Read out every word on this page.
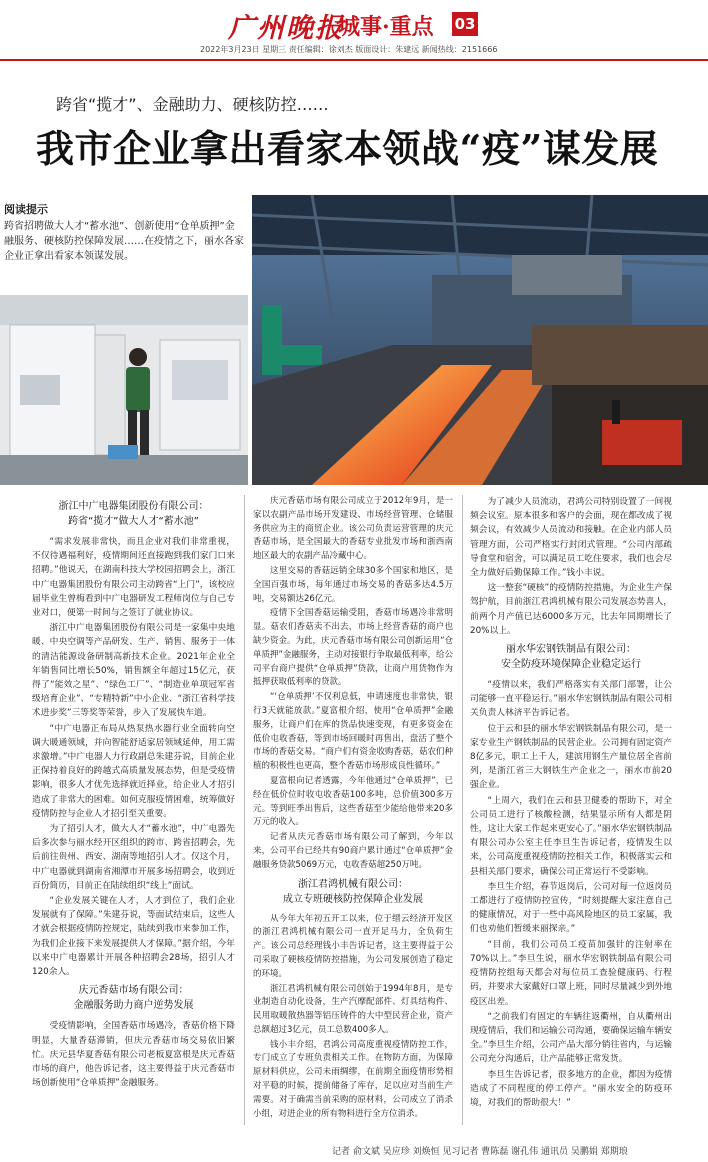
广州晚报
城事·重点 03
2022年3月23日 星期三 责任编辑：徐刘杰 版面设计：朱建远 新闻热线：2151666
跨省“揽才”、金融助力、硬核防控……
我市企业拿出看家本领战“疫”谋发展
阅读提示
跨省招聘做大人才“蓄水池”、创新使用“仓单质押”金融服务、硬核防控保障发展……在疫情之下，丽水各家企业正拿出看家本领谋发展。
浙江中广电器集团股份有限公司：
跨省“揽才”做大人才“蓄水池”

“需求发展非常快，而且企业对我们非常重视，不仅待遇福利好，疫情期间还直接跑到我们家门口来招聘。”他说天，在湖南科技大学校园招聘会上，浙江中广电器集团股份有限公司主动跨省“上门”，该校应届毕业生曾梅看到中广电器研发工程师岗位与自己专业对口，便第一时间与之签订了就业协议。

浙江中广电器集团股份有限公司是一家集中央地暖、中央空调等产品研发、生产、销售、服务于一体的清洁能源设备研制高新技术企业。2021年企业全年销售同比增长50%，销售额全年超过15亿元，获得了“能效之星”、“绿色工厂”、“制造业单项冠军省级培育企业”、“专精特新”中小企业、“浙江省科学技术进步奖”三等奖等荣誉，步入了发展快车道。

“中广电器正布局从热泵热水器行业全面转向空调大暖通领域，并向智能舒适家居领域延伸，用工需求激增。”中广电器人力行政副总朱建芬说，目前企业正保持着良好的跨越式高质量发展态势，但是受疫情影响，很多人才优先选择就近择业，给企业人才招引造成了非常大的困难。如何克服疫情困难，统筹做好疫情防控与企业人才招引至关重要。

为了招引人才，做大人才“蓄水池”，中广电器先后多次参与丽水经开区组织的跨市、跨省招聘会，先后前往贵州、西安、湖南等地招引人才。仅这个月，中广电器就到湖南省湘潭市开展多场招聘会，收到近百份简历，目前正在陆续组织“线上”面试。

“企业发展关键在人才，人才到位了，我们企业发展就有了保障。”朱建芬说，等面试结束后，这些人才就会根据疫情防控规定，陆续到我市来参加工作，为我们企业接下来发展提供人才保障。”据介绍，今年以来中广电器累计开展各种招聘会28场，招引人才120余人。

庆元香菇市场有限公司：
金融服务助力商户逆势发展

受疫情影响，全国香菇市场遇冷，香菇价格下降明显，大量香菇滞销，但庆元香菇市场交易依旧繁忙。庆元县华夏香菇有限公司老板夏富根是庆元香菇市场的商户，他告诉记者，这主要得益于庆元香菇市场创新使用“仓单质押”金融服务。

庆元香菇市场有限公司成立于2012年9月，是一家以农副产品市场开发建设、市场经营管理、仓储服务供应为主的商贸企业。该公司负责运营管理的庆元香菇市场，是全国最大的香菇专业批发市场和浙西南地区最大的农副产品冷藏中心。

这里交易的香菇远销全球30多个国家和地区，是全国百强市场，每年通过市场交易的香菇多达4.5万吨，交易额达26亿元。

疫情下全国香菇运输受阻，香菇市场遇冷非常明显。菇农们香菇卖不出去，市场上经营香菇的商户也缺少资金。为此，庆元香菇市场有限公司创新运用“仓单质押”金融服务，主动对接银行争取最低利率，给公司平台商户提供“仓单质押”贷款，让商户用货物作为抵押获取低利率的贷款。

“‘仓单质押’不仅利息低，申请速度也非常快，银行3天就能放款。”夏富根介绍，使用“仓单质押”金融服务，让商户们在库的货品快速变现，有更多资金在低价屯收香菇，等到市场回暖时再售出，盘活了整个市场的香菇交易。“商户们有资金收购香菇，菇农们种植的积极性也更高，整个香菇市场形成良性循环。”

夏富根向记者透露，今年他通过“仓单质押”，已经在低价位时收屯收香菇100多吨，总价值300多万元。等到旺季出售后，这些香菇至少能给他带来20多万元的收入。

记者从庆元香菇市场有限公司了解到，今年以来，公司平台已经共有90商户累计通过“仓单质押”金融服务贷款5069万元，屯收香菇超250万吨。

浙江君鸿机械有限公司：
成立专班硬核防控保障企业发展

从今年大年初五开工以来，位于缙云经济开发区的浙江君鸿机械有限公司一直开足马力，全负荷生产。该公司总经理钱小丰告诉记者，这主要得益于公司采取了硬核疫情防控措施，为公司发展创造了稳定的环境。

浙江君鸿机械有限公司创始于1994年8月，是专业制造自动化设备，生产汽摩配部件、灯具结构件、民用取暖散热器等铝压铸件的大中型民营企业，资产总额超过3亿元，员工总数400多人。

钱小丰介绍，君鸿公司高度重视疫情防控工作，专门成立了专班负责相关工作。在物防方面，为保障原材料供应，公司未雨绸缪，在前期全面疫情形势相对平稳的时候，提前储备了库存，足以应对当前生产需要。对于确需当前采购的原材料，公司成立了消杀小组，对进企业的所有物料进行全方位消杀。

为了减少人员流动，君鸿公司特别设置了一间视频会议室。原本很多和客户的会面，现在都改成了视频会议，有效减少人员流动和接触。在企业内部人员管理方面，公司严格实行封闭式管理。“公司内部疏导食堂和宿舍，可以满足员工吃住要求，我们也会尽全力做好后勤保障工作。”钱小丰说。

这一整套“硬核”的疫情防控措施，为企业生产保驾护航，目前浙江君鸿机械有限公司发展态势喜人，前两个月产值已达6000多万元，比去年同期增长了20%以上。

丽水华宏钢铁制品有限公司：
安全防疫环境保障企业稳定运行

“疫情以来，我们严格落实有关部门部署，让公司能够一直平稳运行。”丽水华宏钢铁制品有限公司相关负责人林济平告诉记者。

位于云和县的丽水华宏钢铁制品有限公司，是一家专业生产钢铁制品的民营企业。公司拥有固定资产8亿多元，职工上千人，建滨用钢生产量位居全省前列，是浙江省三大钢铁生产企业之一，丽水市前20强企业。

“上周六，我们在云和县卫健委的帮助下，对全公司员工进行了核酸检测，结果显示所有人都是阴性，这让大家工作起来更安心了。”丽水华宏钢铁制品有限公司办公室主任李旦生告诉记者，疫情发生以来，公司高度重视疫情防控相关工作，积极落实云和县相关部门要求，确保公司正常运行不受影响。

李旦生介绍，春节返岗后，公司对每一位返岗员工都进行了疫情防控宣传，“时刻提醒大家注意自己的健康情况，对于一些中高风险地区的员工家属，我们也劝他们暂缓来丽探亲。”

“目前，我们公司员工疫苗加强针的注射率在70%以上。”李旦生说，丽水华宏钢铁制品有限公司疫情防控组每天都会对每位员工查验健康码、行程码，并要求大家戴好口罩上班，同时尽量减少到外地疫区出差。

“之前我们有固定的车辆往返衢州，自从衢州出现疫情后，我们和运输公司沟通，要确保运输车辆安全。”李旦生介绍，公司产品大部分销往省内，与运输公司充分沟通后，让产品能够正常发货。

李旦生告诉记者，很多地方的企业，都因为疫情造成了不同程度的停工停产。“丽水安全的防疫环境，对我们的帮助很大！”

记者 俞文斌 吴应珍 刘焕恒 见习记者 曹陈磊 谢孔伟 通讯员 吴鹏娟 郑期琅
